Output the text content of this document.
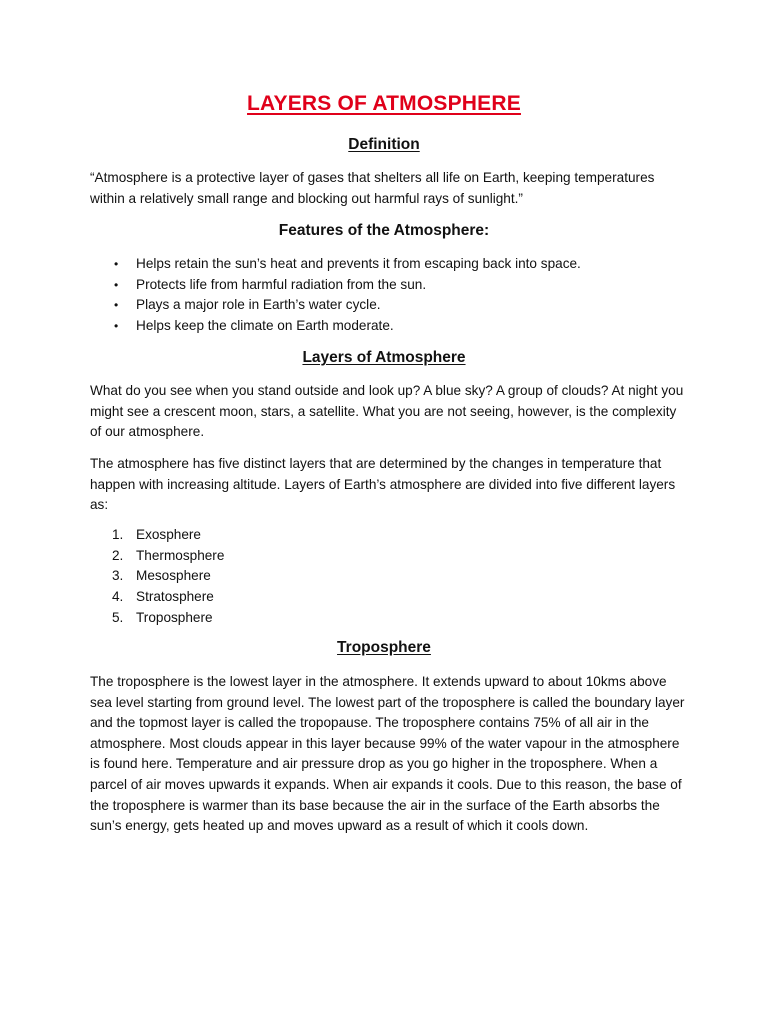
LAYERS OF ATMOSPHERE
Definition

“Atmosphere is a protective layer of gases that shelters all life on Earth, keeping temperatures within a relatively small range and blocking out harmful rays of sunlight.”

Features of the Atmosphere:
• Helps retain the sun’s heat and prevents it from escaping back into space.
• Protects life from harmful radiation from the sun.
• Plays a major role in Earth’s water cycle.
• Helps keep the climate on Earth moderate.
Layers of Atmosphere

What do you see when you stand outside and look up? A blue sky? A group of clouds? At night you might see a crescent moon, stars, a satellite. What you are not seeing, however, is the complexity of our atmosphere.

The atmosphere has five distinct layers that are determined by the changes in temperature that happen with increasing altitude. Layers of Earth’s atmosphere are divided into five different layers as:

1. Exosphere
2. Thermosphere
3. Mesosphere
4. Stratosphere
5. Troposphere
Troposphere

The troposphere is the lowest layer in the atmosphere. It extends upward to about 10kms above sea level starting from ground level. The lowest part of the troposphere is called the boundary layer and the topmost layer is called the tropopause. The troposphere contains 75% of all air in the atmosphere. Most clouds appear in this layer because 99% of the water vapour in the atmosphere is found here. Temperature and air pressure drop as you go higher in the troposphere. When a parcel of air moves upwards it expands. When air expands it cools. Due to this reason, the base of the troposphere is warmer than its base because the air in the surface of the Earth absorbs the sun’s energy, gets heated up and moves upward as a result of which it cools down.
